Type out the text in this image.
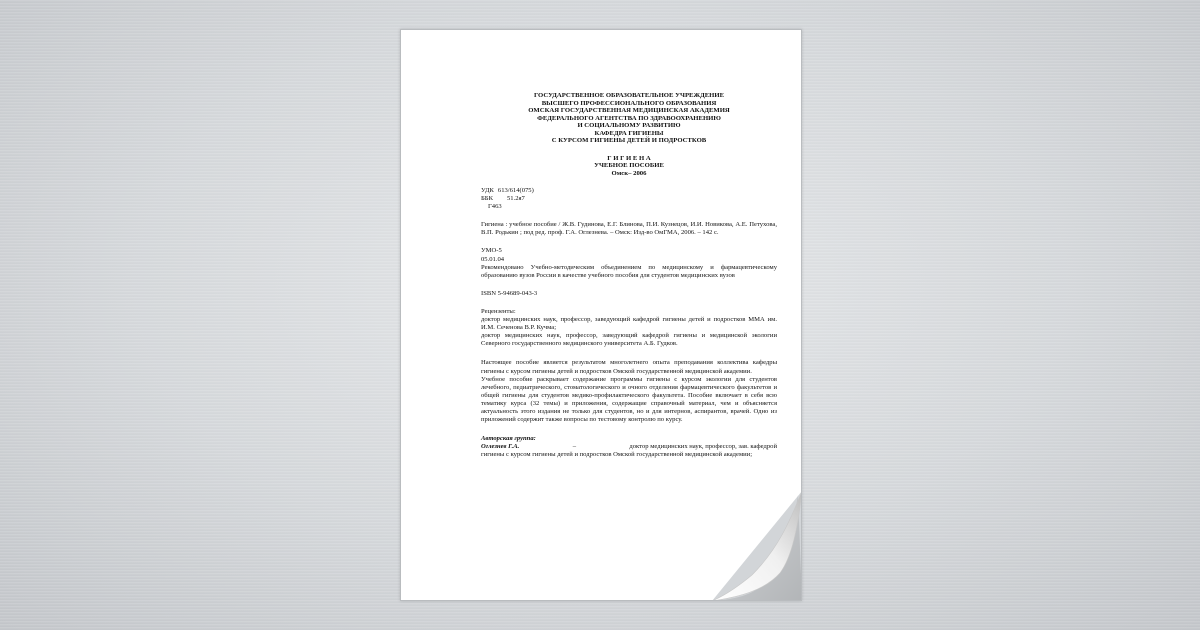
ГОСУДАРСТВЕННОЕ ОБРАЗОВАТЕЛЬНОЕ УЧРЕЖДЕНИЕ
ВЫСШЕГО ПРОФЕССИОНАЛЬНОГО ОБРАЗОВАНИЯ
ОМСКАЯ ГОСУДАРСТВЕННАЯ МЕДИЦИНСКАЯ АКАДЕМИЯ
ФЕДЕРАЛЬНОГО АГЕНТСТВА ПО ЗДРАВООХРАНЕНИЮ
И СОЦИАЛЬНОМУ РАЗВИТИЮ
КАФЕДРА ГИГИЕНЫ
С КУРСОМ ГИГИЕНЫ ДЕТЕЙ И ПОДРОСТКОВ
Г И Г И Е Н А
УЧЕБНОЕ ПОСОБИЕ
Омск– 2006
УДК 613/614(075)
ББК 51.2я7
Г463

Гигиена : учебное пособие / Ж.В. Гудинова, Е.Г. Блинова, П.И. Кузнецов, И.И. Новикова, А.Е. Петухова, В.П. Родькин ; под ред. проф. Г.А. Оглезнева. – Омск: Изд-во ОмГМА, 2006. – 142 с.

УМО-5
05.01.04

Рекомендовано Учебно-методическим объединением по медицинскому и фармацевтическому образованию вузов России в качестве учебного пособия для студентов медицинских вузов

ISBN 5-94689-043-3
Рецензенты:

доктор медицинских наук, профессор, заведующий кафедрой гигиены детей и подростков ММА им. И.М. Сеченова В.Р. Кучма;

доктор медицинских наук, профессор, заведующий кафедрой гигиены и медицинской экологии Северного государственного медицинского университета А.Б. Гудков.

Настоящее пособие является результатом многолетнего опыта преподавания коллектива кафедры гигиены с курсом гигиены детей и подростков Омской государственной медицинской академии.

Учебное пособие раскрывает содержание программы гигиены с курсом экологии для студентов лечебного, педиатрического, стоматологического и очного отделения фармацевтического факультетов и общей гигиены для студентов медико-профилактического факультета. Пособие включает в себя всю тематику курса (32 темы) и приложения, содержащие справочный материал, чем и объясняется актуальность этого издания не только для студентов, но и для интернов, аспирантов, врачей. Одно из приложений содержит также вопросы по тестовому контролю по курсу.

Авторская группа:
Оглезнев Г.А.	–	доктор медицинских наук, профессор, зав. кафедрой

гигиены с курсом гигиены детей и подростков Омской государственной медицинской академии;
